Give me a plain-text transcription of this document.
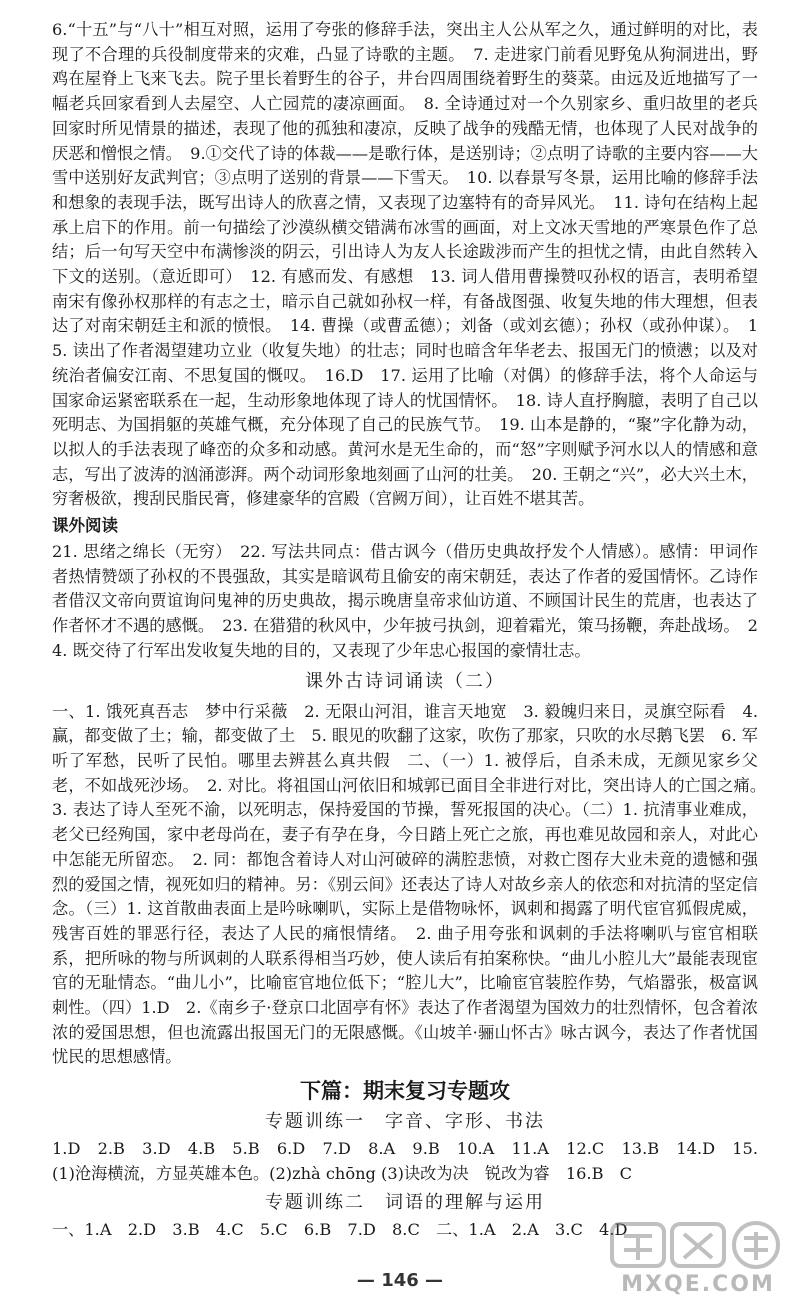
6.“十五”与“八十”相互对照，运用了夸张的修辞手法，突出主人公从军之久，通过鲜明的对比，表现了不合理的兵役制度带来的灾难，凸显了诗歌的主题。　7. 走进家门前看见野兔从狗洞进出，野鸡在屋脊上飞来飞去。院子里长着野生的谷子，井台四周围绕着野生的葵菜。由远及近地描写了一幅老兵回家看到人去屋空、人亡园荒的凄凉画面。　8. 全诗通过对一个久别家乡、重归故里的老兵回家时所见情景的描述，表现了他的孤独和凄凉，反映了战争的残酷无情，也体现了人民对战争的厌恶和憎恨之情。　9.①交代了诗的体裁——是歌行体，是送别诗；②点明了诗歌的主要内容——大雪中送别好友武判官；③点明了送别的背景——下雪天。　10. 以春景写冬景，运用比喻的修辞手法和想象的表现手法，既写出诗人的欣喜之情，又表现了边塞特有的奇异风光。　11. 诗句在结构上起承上启下的作用。前一句描绘了沙漠纵横交错满布冰雪的画面，对上文冰天雪地的严寒景色作了总结；后一句写天空中布满惨淡的阴云，引出诗人为友人长途跋涉而产生的担忧之情，由此自然转入下文的送别。（意近即可）　12. 有感而发、有感想　13. 词人借用曹操赞叹孙权的语言，表明希望南宋有像孙权那样的有志之士，暗示自己就如孙权一样，有备战图强、收复失地的伟大理想，但表达了对南宋朝廷主和派的愤恨。　14. 曹操（或曹孟德）；刘备（或刘玄德）；孙权（或孙仲谋）。　15. 读出了作者渴望建功立业（收复失地）的壮志；同时也暗含年华老去、报国无门的愤懑；以及对统治者偏安江南、不思复国的慨叹。　16.D　17. 运用了比喻（对偶）的修辞手法，将个人命运与国家命运紧密联系在一起，生动形象地体现了诗人的忧国情怀。　18. 诗人直抒胸臆，表明了自己以死明志、为国捐躯的英雄气概，充分体现了自己的民族气节。　19. 山本是静的，“聚”字化静为动，以拟人的手法表现了峰峦的众多和动感。黄河水是无生命的，而“怒”字则赋予河水以人的情感和意志，写出了波涛的汹涌澎湃。两个动词形象地刻画了山河的壮美。　20. 王朝之“兴”，必大兴土木，穷奢极欲，搜刮民脂民膏，修建豪华的宫殿（宫阙万间），让百姓不堪其苦。

课外阅读

21. 思绪之绵长（无穷）　22. 写法共同点：借古讽今（借历史典故抒发个人情感）。感情：甲词作者热情赞颂了孙权的不畏强敌，其实是暗讽苟且偷安的南宋朝廷，表达了作者的爱国情怀。乙诗作者借汉文帝向贾谊询问鬼神的历史典故，揭示晚唐皇帝求仙访道、不顾国计民生的荒唐，也表达了作者怀才不遇的感慨。　23. 在猎猎的秋风中，少年披弓执剑，迎着霜光，策马扬鞭，奔赴战场。　24. 既交待了行军出发收复失地的目的，又表现了少年忠心报国的豪情壮志。

课外古诗词诵读（二）

一、1. 饿死真吾志　梦中行采薇　2. 无限山河泪，谁言天地宽　3. 毅魄归来日，灵旗空际看　4. 赢，都变做了土；输，都变做了土　5. 眼见的吹翻了这家，吹伤了那家，只吹的水尽鹅飞罢　6. 军听了军愁，民听了民怕。哪里去辨甚么真共假　二、（一）1. 被俘后，自杀未成，无颜见家乡父老，不如战死沙场。　2. 对比。将祖国山河依旧和城郭已面目全非进行对比，突出诗人的亡国之痛。　3. 表达了诗人至死不渝，以死明志，保持爱国的节操，誓死报国的决心。（二）1. 抗清事业难成，老父已经殉国，家中老母尚在，妻子有孕在身，今日踏上死亡之旅，再也难见故园和亲人，对此心中怎能无所留恋。　2. 同：都饱含着诗人对山河破碎的满腔悲愤，对救亡图存大业未竟的遗憾和强烈的爱国之情，视死如归的精神。另：《别云间》还表达了诗人对故乡亲人的依恋和对抗清的坚定信念。（三）1. 这首散曲表面上是吟咏喇叭，实际上是借物咏怀，讽刺和揭露了明代宦官狐假虎威，残害百姓的罪恶行径，表达了人民的痛恨情绪。　2. 曲子用夸张和讽刺的手法将喇叭与宦官相联系，把所咏的物与所讽刺的人联系得相当巧妙，使人读后有拍案称快。“曲儿小腔儿大”最能表现宦官的无耻情态。“曲儿小”，比喻宦官地位低下；“腔儿大”，比喻宦官装腔作势，气焰嚣张，极富讽刺性。（四）1.D　2.《南乡子·登京口北固亭有怀》表达了作者渴望为国效力的壮烈情怀，包含着浓浓的爱国思想，但也流露出报国无门的无限感慨。《山坡羊·骊山怀古》咏古讽今，表达了作者忧国忧民的思想感情。

下篇：期末复习专题攻
专题训练一　字音、字形、书法

1.D　2.B　3.D　4.B　5.B　6.D　7.D　8.A　9.B　10.A　11.A　12.C　13.B　14.D　15.(1)沧海横流，方显英雄本色。(2)zhà chōng (3)诀改为决　锐改为睿　16.B　C

专题训练二　词语的理解与运用

一、1.A　2.D　3.B　4.C　5.C　6.B　7.D　8.C　二、1.A　2.A　3.C　4.D

— 146 —	MXQE.COM
